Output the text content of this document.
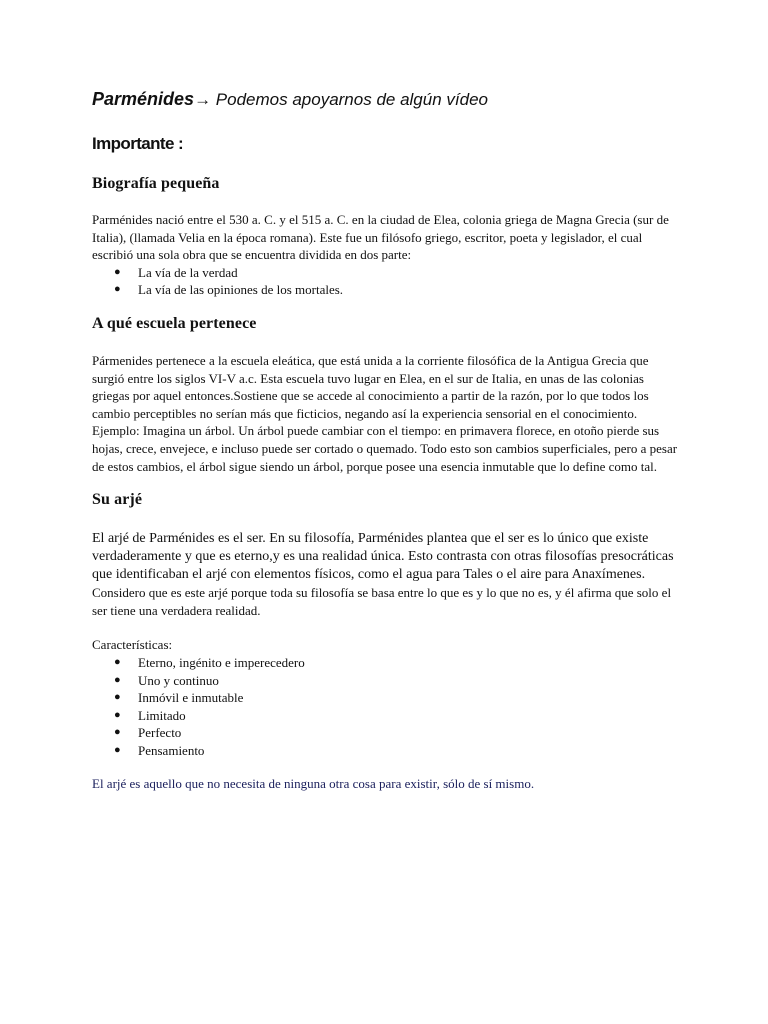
Parménides→ Podemos apoyarnos de algún vídeo

Importante :
Biografía pequeña

Parménides nació entre el 530 a. C. y el 515 a. C. en la ciudad de Elea, colonia griega de Magna Grecia (sur de Italia), (llamada Velia en la época romana). Este fue un filósofo griego, escritor, poeta y legislador, el cual escribió una sola obra que se encuentra dividida en dos parte:

● La vía de la verdad
● La vía de las opiniones de los mortales.
A qué escuela pertenece

Pármenides pertenece a la escuela eleática, que está unida a la corriente filosófica de la Antigua Grecia que surgió entre los siglos VI-V a.c. Esta escuela tuvo lugar en Elea, en el sur de Italia, en unas de las colonias griegas por aquel entonces.Sostiene que se accede al conocimiento a partir de la razón, por lo que todos los cambio perceptibles no serían más que ficticios, negando así la experiencia sensorial en el conocimiento. Ejemplo: Imagina un árbol. Un árbol puede cambiar con el tiempo: en primavera florece, en otoño pierde sus hojas, crece, envejece, e incluso puede ser cortado o quemado. Todo esto son cambios superficiales, pero a pesar de estos cambios, el árbol sigue siendo un árbol, porque posee una esencia inmutable que lo define como tal.

Su arjé

El arjé de Parménides es el ser. En su filosofía, Parménides plantea que el ser es lo único que existe verdaderamente y que es eterno,y es una realidad única. Esto contrasta con otras filosofías presocráticas que identificaban el arjé con elementos físicos, como el agua para Tales o el aire para Anaxímenes.

Considero que es este arjé porque toda su filosofía se basa entre lo que es y lo que no es, y él afirma que solo el ser tiene una verdadera realidad.

Características:

● Eterno, ingénito e imperecedero
● Uno y continuo
● Inmóvil e inmutable
● Limitado
● Perfecto
● Pensamiento

El arjé es aquello que no necesita de ninguna otra cosa para existir, sólo de sí mismo.
